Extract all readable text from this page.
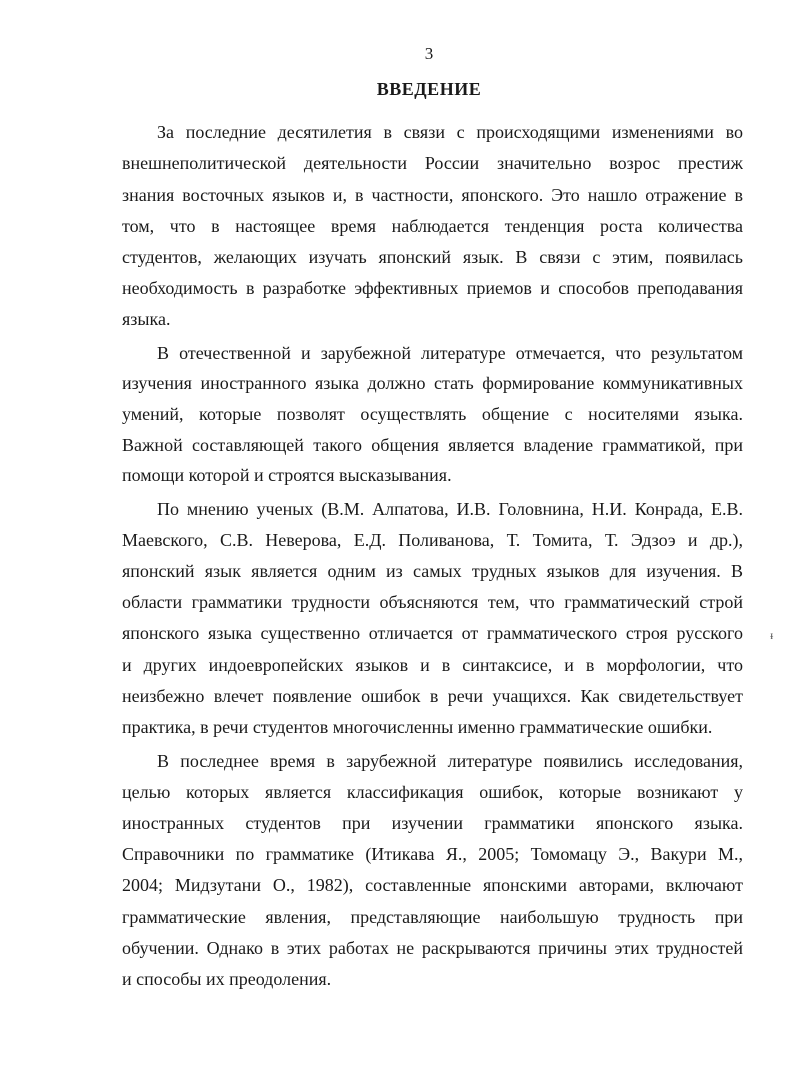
3
ВВЕДЕНИЕ
За последние десятилетия в связи с происходящими изменениями во
внешнеполитической деятельности России значительно возрос престиж
знания восточных языков и, в частности, японского. Это нашло отражение в
том, что в настоящее время наблюдается тенденция роста количества
студентов, желающих изучать японский язык. В связи с этим, появилась
необходимость в разработке эффективных приемов и способов преподавания
языка.
В отечественной и зарубежной литературе отмечается, что результатом
изучения иностранного языка должно стать формирование коммуникативных
умений, которые позволят осуществлять общение с носителями языка.
Важной составляющей такого общения является владение грамматикой, при
помощи которой и строятся высказывания.
По мнению ученых (В.М. Алпатова, И.В. Головнина, Н.И. Конрада, Е.В.
Маевского, С.В. Неверова, Е.Д. Поливанова, Т. Томита, Т. Эдзоэ и др.),
японский язык является одним из самых трудных языков для изучения. В
области грамматики трудности объясняются тем, что грамматический строй
японского языка существенно отличается от грамматического строя русского
и других индоевропейских языков и в синтаксисе, и в морфологии, что
неизбежно влечет появление ошибок в речи учащихся. Как свидетельствует
практика, в речи студентов многочисленны именно грамматические ошибки.
В последнее время в зарубежной литературе появились исследования,
целью которых является классификация ошибок, которые возникают у
иностранных студентов при изучении грамматики японского языка.
Справочники по грамматике (Итикава Я., 2005; Томомацу Э., Вакури М.,
2004; Мидзутани О., 1982), составленные японскими авторами, включают
грамматические явления, представляющие наибольшую трудность при
обучении. Однако в этих работах не раскрываются причины этих трудностей
и способы их преодоления.
ᵻ
